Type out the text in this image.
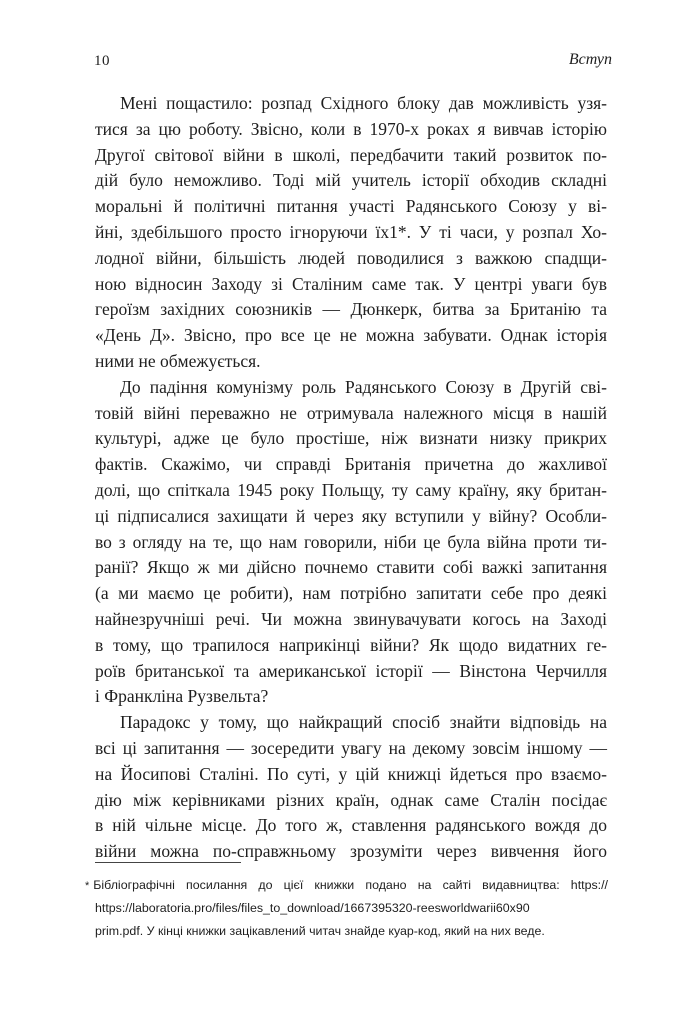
10	Вступ
Мені пощастило: розпад Східного блоку дав можливість узя-
тися за цю роботу. Звісно, коли в 1970-х роках я вивчав історію
Другої світової війни в школі, передбачити такий розвиток по-
дій було неможливо. Тоді мій учитель історії обходив складні
моральні й політичні питання участі Радянського Союзу у ві-
йні, здебільшого просто ігноруючи їх1*. У ті часи, у розпал Хо-
лодної війни, більшість людей поводилися з важкою спадщи-
ною відносин Заходу зі Сталіним саме так. У центрі уваги був
героїзм західних союзників — Дюнкерк, битва за Британію та
«День Д». Звісно, про все це не можна забувати. Однак історія
ними не обмежується.
До падіння комунізму роль Радянського Союзу в Другій сві-
товій війні переважно не отримувала належного місця в нашій
культурі, адже це було простіше, ніж визнати низку прикрих
фактів. Скажімо, чи справді Британія причетна до жахливої
долі, що спіткала 1945 року Польщу, ту саму країну, яку британ-
ці підписалися захищати й через яку вступили у війну? Особли-
во з огляду на те, що нам говорили, ніби це була війна проти ти-
ранії? Якщо ж ми дійсно почнемо ставити собі важкі запитання
(а ми маємо це робити), нам потрібно запитати себе про деякі
найнезручніші речі. Чи можна звинувачувати когось на Заході
в тому, що трапилося наприкінці війни? Як щодо видатних ге-
роїв британської та американської історії — Вінстона Черчилля
і Франкліна Рузвельта?
Парадокс у тому, що найкращий спосіб знайти відповідь на
всі ці запитання — зосередити увагу на декому зовсім іншому —
на Йосипові Сталіні. По суті, у цій книжці йдеться про взаємо-
дію між керівниками різних країн, однак саме Сталін посідає
в ній чільне місце. До того ж, ставлення радянського вождя до
війни можна по-справжньому зрозуміти через вивчення його
* Бібліографічні посилання до цієї книжки подано на сайті видавництва: https://
https://laboratoria.pro/files/files_to_download/1667395320-reesworldwarii60x90
prim.pdf. У кінці книжки зацікавлений читач знайде куар-код, який на них веде.
